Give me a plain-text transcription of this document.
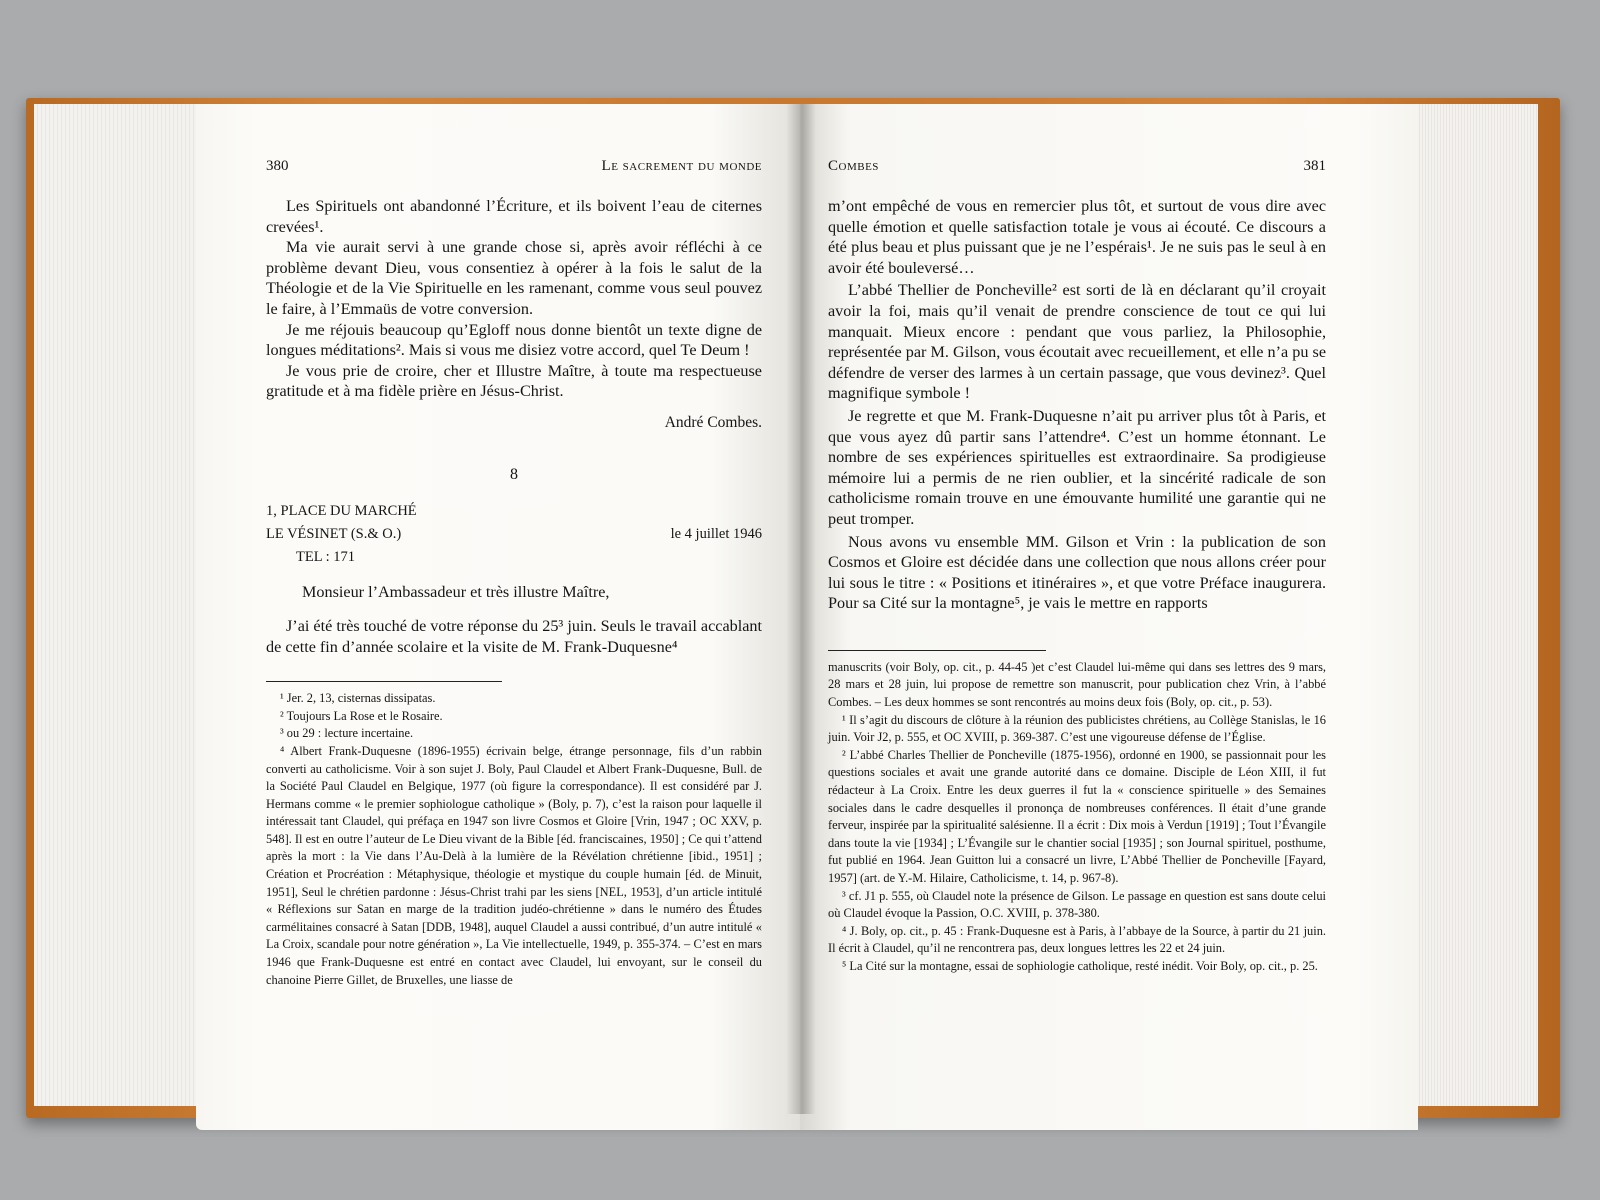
380	Le sacrement du monde

Les Spirituels ont abandonné l’Écriture, et ils boivent l’eau de citernes crevées¹.

Ma vie aurait servi à une grande chose si, après avoir réfléchi à ce problème devant Dieu, vous consentiez à opérer à la fois le salut de la Théologie et de la Vie Spirituelle en les ramenant, comme vous seul pouvez le faire, à l’Emmaüs de votre conversion.

Je me réjouis beaucoup qu’Egloff nous donne bientôt un texte digne de longues méditations². Mais si vous me disiez votre accord, quel Te Deum !

Je vous prie de croire, cher et Illustre Maître, à toute ma respectueuse gratitude et à ma fidèle prière en Jésus-Christ.

André Combes.
8
1, PLACE DU MARCHÉ
LE VÉSINET (S.& O.)	le 4 juillet 1946
TEL : 171
Monsieur l’Ambassadeur et très illustre Maître,

J’ai été très touché de votre réponse du 25³ juin. Seuls le travail accablant de cette fin d’année scolaire et la visite de M. Frank-Duquesne⁴

¹ Jer. 2, 13, cisternas dissipatas.

² Toujours La Rose et le Rosaire.

³ ou 29 : lecture incertaine.

⁴ Albert Frank-Duquesne (1896-1955) écrivain belge, étrange personnage, fils d’un rabbin converti au catholicisme. Voir à son sujet J. Boly, Paul Claudel et Albert Frank-Duquesne, Bull. de la Société Paul Claudel en Belgique, 1977 (où figure la correspondance). Il est considéré par J. Hermans comme « le premier sophiologue catholique » (Boly, p. 7), c’est la raison pour laquelle il intéressait tant Claudel, qui préfaça en 1947 son livre Cosmos et Gloire [Vrin, 1947 ; OC XXV, p. 548]. Il est en outre l’auteur de Le Dieu vivant de la Bible [éd. franciscaines, 1950] ; Ce qui t’attend après la mort : la Vie dans l’Au-Delà à la lumière de la Révélation chrétienne [ibid., 1951] ; Création et Procréation : Métaphysique, théologie et mystique du couple humain [éd. de Minuit, 1951], Seul le chrétien pardonne : Jésus-Christ trahi par les siens [NEL, 1953], d’un article intitulé « Réflexions sur Satan en marge de la tradition judéo-chrétienne » dans le numéro des Études carmélitaines consacré à Satan [DDB, 1948], auquel Claudel a aussi contribué, d’un autre intitulé « La Croix, scandale pour notre génération », La Vie intellectuelle, 1949, p. 355-374. – C’est en mars 1946 que Frank-Duquesne est entré en contact avec Claudel, lui envoyant, sur le conseil du chanoine Pierre Gillet, de Bruxelles, une liasse de

Combes	381

m’ont empêché de vous en remercier plus tôt, et surtout de vous dire avec quelle émotion et quelle satisfaction totale je vous ai écouté. Ce discours a été plus beau et plus puissant que je ne l’espérais¹. Je ne suis pas le seul à en avoir été bouleversé…

L’abbé Thellier de Poncheville² est sorti de là en déclarant qu’il croyait avoir la foi, mais qu’il venait de prendre conscience de tout ce qui lui manquait. Mieux encore : pendant que vous parliez, la Philosophie, représentée par M. Gilson, vous écoutait avec recueillement, et elle n’a pu se défendre de verser des larmes à un certain passage, que vous devinez³. Quel magnifique symbole !

Je regrette et que M. Frank-Duquesne n’ait pu arriver plus tôt à Paris, et que vous ayez dû partir sans l’attendre⁴. C’est un homme étonnant. Le nombre de ses expériences spirituelles est extraordinaire. Sa prodigieuse mémoire lui a permis de ne rien oublier, et la sincérité radicale de son catholicisme romain trouve en une émouvante humilité une garantie qui ne peut tromper.

Nous avons vu ensemble MM. Gilson et Vrin : la publication de son Cosmos et Gloire est décidée dans une collection que nous allons créer pour lui sous le titre : « Positions et itinéraires », et que votre Préface inaugurera. Pour sa Cité sur la montagne⁵, je vais le mettre en rapports

manuscrits (voir Boly, op. cit., p. 44-45 )et c’est Claudel lui-même qui dans ses lettres des 9 mars, 28 mars et 28 juin, lui propose de remettre son manuscrit, pour publication chez Vrin, à l’abbé Combes. – Les deux hommes se sont rencontrés au moins deux fois (Boly, op. cit., p. 53).

¹ Il s’agit du discours de clôture à la réunion des publicistes chrétiens, au Collège Stanislas, le 16 juin. Voir J2, p. 555, et OC XVIII, p. 369-387. C’est une vigoureuse défense de l’Église.

² L’abbé Charles Thellier de Poncheville (1875-1956), ordonné en 1900, se passionnait pour les questions sociales et avait une grande autorité dans ce domaine. Disciple de Léon XIII, il fut rédacteur à La Croix. Entre les deux guerres il fut la « conscience spirituelle » des Semaines sociales dans le cadre desquelles il prononça de nombreuses conférences. Il était d’une grande ferveur, inspirée par la spiritualité salésienne. Il a écrit : Dix mois à Verdun [1919] ; Tout l’Évangile dans toute la vie [1934] ; L’Évangile sur le chantier social [1935] ; son Journal spirituel, posthume, fut publié en 1964. Jean Guitton lui a consacré un livre, L’Abbé Thellier de Poncheville [Fayard, 1957] (art. de Y.-M. Hilaire, Catholicisme, t. 14, p. 967-8).

³ cf. J1 p. 555, où Claudel note la présence de Gilson. Le passage en question est sans doute celui où Claudel évoque la Passion, O.C. XVIII, p. 378-380.

⁴ J. Boly, op. cit., p. 45 : Frank-Duquesne est à Paris, à l’abbaye de la Source, à partir du 21 juin. Il écrit à Claudel, qu’il ne rencontrera pas, deux longues lettres les 22 et 24 juin.

⁵ La Cité sur la montagne, essai de sophiologie catholique, resté inédit. Voir Boly, op. cit., p. 25.
